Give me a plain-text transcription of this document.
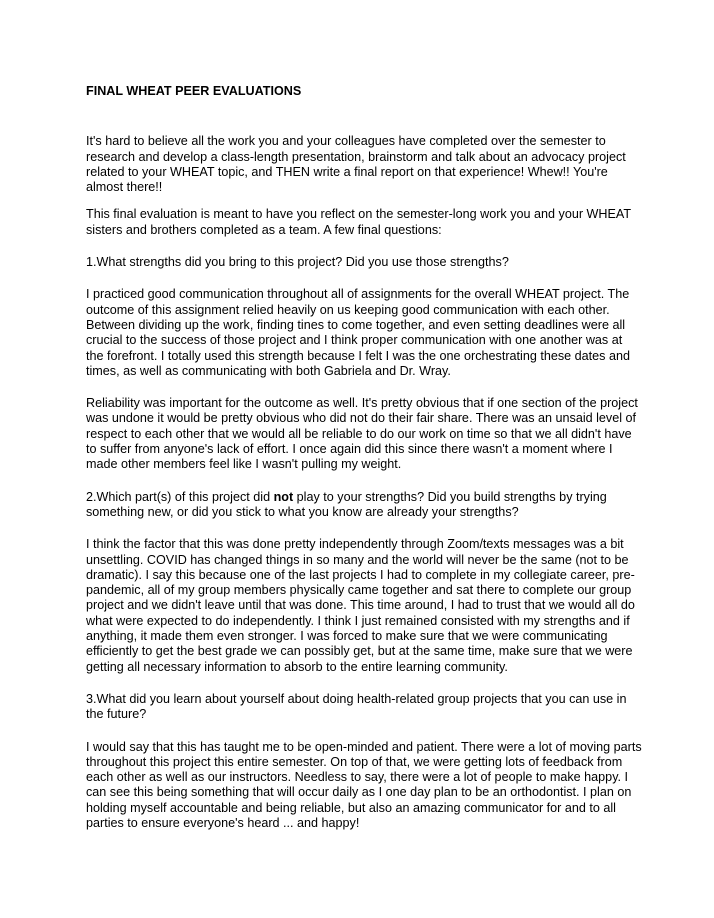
FINAL WHEAT PEER EVALUATIONS

It's hard to believe all the work you and your colleagues have completed over the semester to research and develop a class-length presentation, brainstorm and talk about an advocacy project related to your WHEAT topic, and THEN write a final report on that experience! Whew!! You're almost there!!

This final evaluation is meant to have you reflect on the semester-long work you and your WHEAT sisters and brothers completed as a team. A few final questions:

1.What strengths did you bring to this project? Did you use those strengths?

I practiced good communication throughout all of assignments for the overall WHEAT project. The outcome of this assignment relied heavily on us keeping good communication with each other. Between dividing up the work, finding tines to come together, and even setting deadlines were all crucial to the success of those project and I think proper communication with one another was at the forefront. I totally used this strength because I felt I was the one orchestrating these dates and times, as well as communicating with both Gabriela and Dr. Wray.

Reliability was important for the outcome as well. It's pretty obvious that if one section of the project was undone it would be pretty obvious who did not do their fair share. There was an unsaid level of respect to each other that we would all be reliable to do our work on time so that we all didn't have to suffer from anyone's lack of effort. I once again did this since there wasn't a moment where I made other members feel like I wasn't pulling my weight.

2.Which part(s) of this project did not play to your strengths? Did you build strengths by trying something new, or did you stick to what you know are already your strengths?

I think the factor that this was done pretty independently through Zoom/texts messages was a bit unsettling. COVID has changed things in so many and the world will never be the same (not to be dramatic). I say this because one of the last projects I had to complete in my collegiate career, pre-pandemic, all of my group members physically came together and sat there to complete our group project and we didn't leave until that was done. This time around, I had to trust that we would all do what were expected to do independently. I think I just remained consisted with my strengths and if anything, it made them even stronger. I was forced to make sure that we were communicating efficiently to get the best grade we can possibly get, but at the same time, make sure that we were getting all necessary information to absorb to the entire learning community.

3.What did you learn about yourself about doing health-related group projects that you can use in the future?

I would say that this has taught me to be open-minded and patient. There were a lot of moving parts throughout this project this entire semester. On top of that, we were getting lots of feedback from each other as well as our instructors. Needless to say, there were a lot of people to make happy. I can see this being something that will occur daily as I one day plan to be an orthodontist. I plan on holding myself accountable and being reliable, but also an amazing communicator for and to all parties to ensure everyone's heard ... and happy!
